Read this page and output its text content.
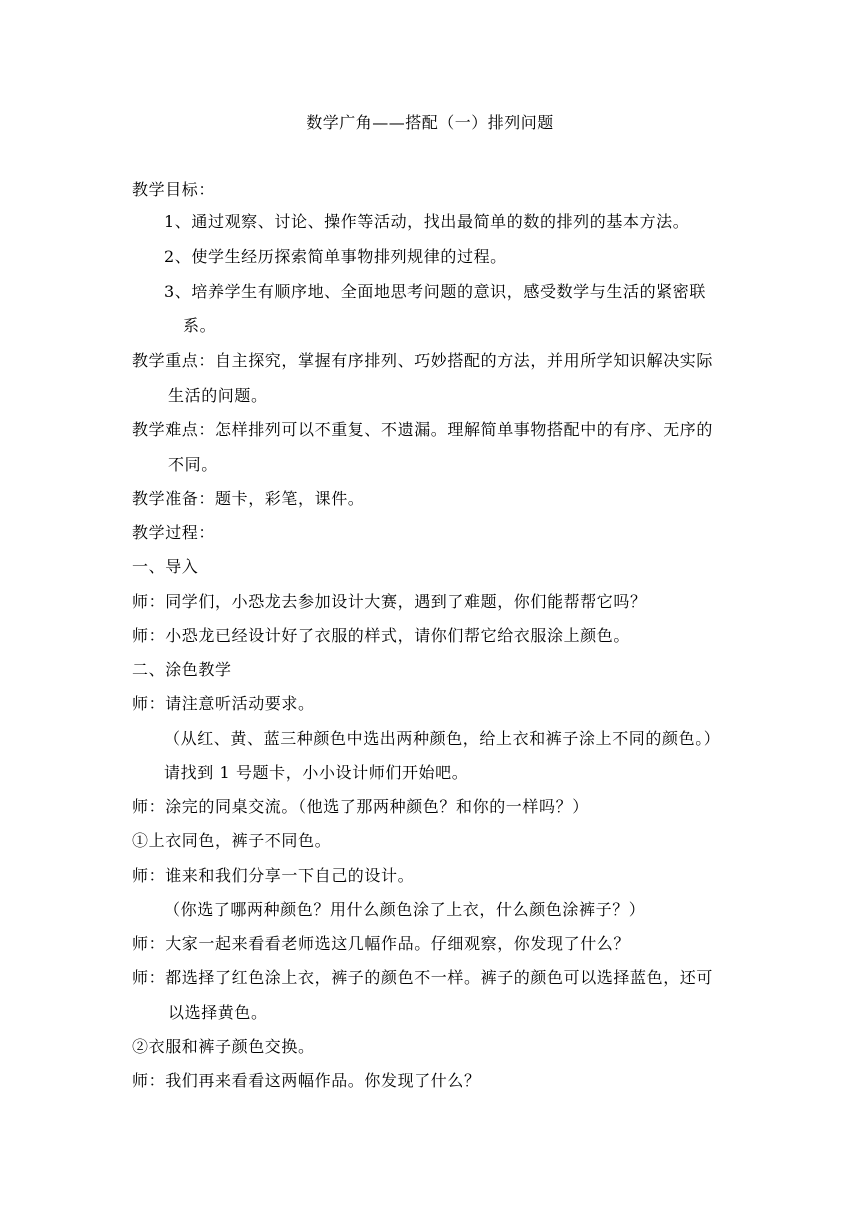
数学广角——搭配（一）排列问题
教学目标：
1、通过观察、讨论、操作等活动，找出最简单的数的排列的基本方法。
2、使学生经历探索简单事物排列规律的过程。
3、培养学生有顺序地、全面地思考问题的意识，感受数学与生活的紧密联
系。
教学重点：自主探究，掌握有序排列、巧妙搭配的方法，并用所学知识解决实际
生活的问题。
教学难点：怎样排列可以不重复、不遗漏。理解简单事物搭配中的有序、无序的
不同。
教学准备：题卡，彩笔，课件。
教学过程：
一、导入
师：同学们，小恐龙去参加设计大赛，遇到了难题，你们能帮帮它吗？
师：小恐龙已经设计好了衣服的样式，请你们帮它给衣服涂上颜色。
二、涂色教学
师：请注意听活动要求。
（从红、黄、蓝三种颜色中选出两种颜色，给上衣和裤子涂上不同的颜色。）
请找到 1 号题卡，小小设计师们开始吧。
师：涂完的同桌交流。（他选了那两种颜色？和你的一样吗？）
①上衣同色，裤子不同色。
师：谁来和我们分享一下自己的设计。
（你选了哪两种颜色？用什么颜色涂了上衣，什么颜色涂裤子？）
师：大家一起来看看老师选这几幅作品。仔细观察，你发现了什么？
师：都选择了红色涂上衣，裤子的颜色不一样。裤子的颜色可以选择蓝色，还可
以选择黄色。
②衣服和裤子颜色交换。
师：我们再来看看这两幅作品。你发现了什么？
